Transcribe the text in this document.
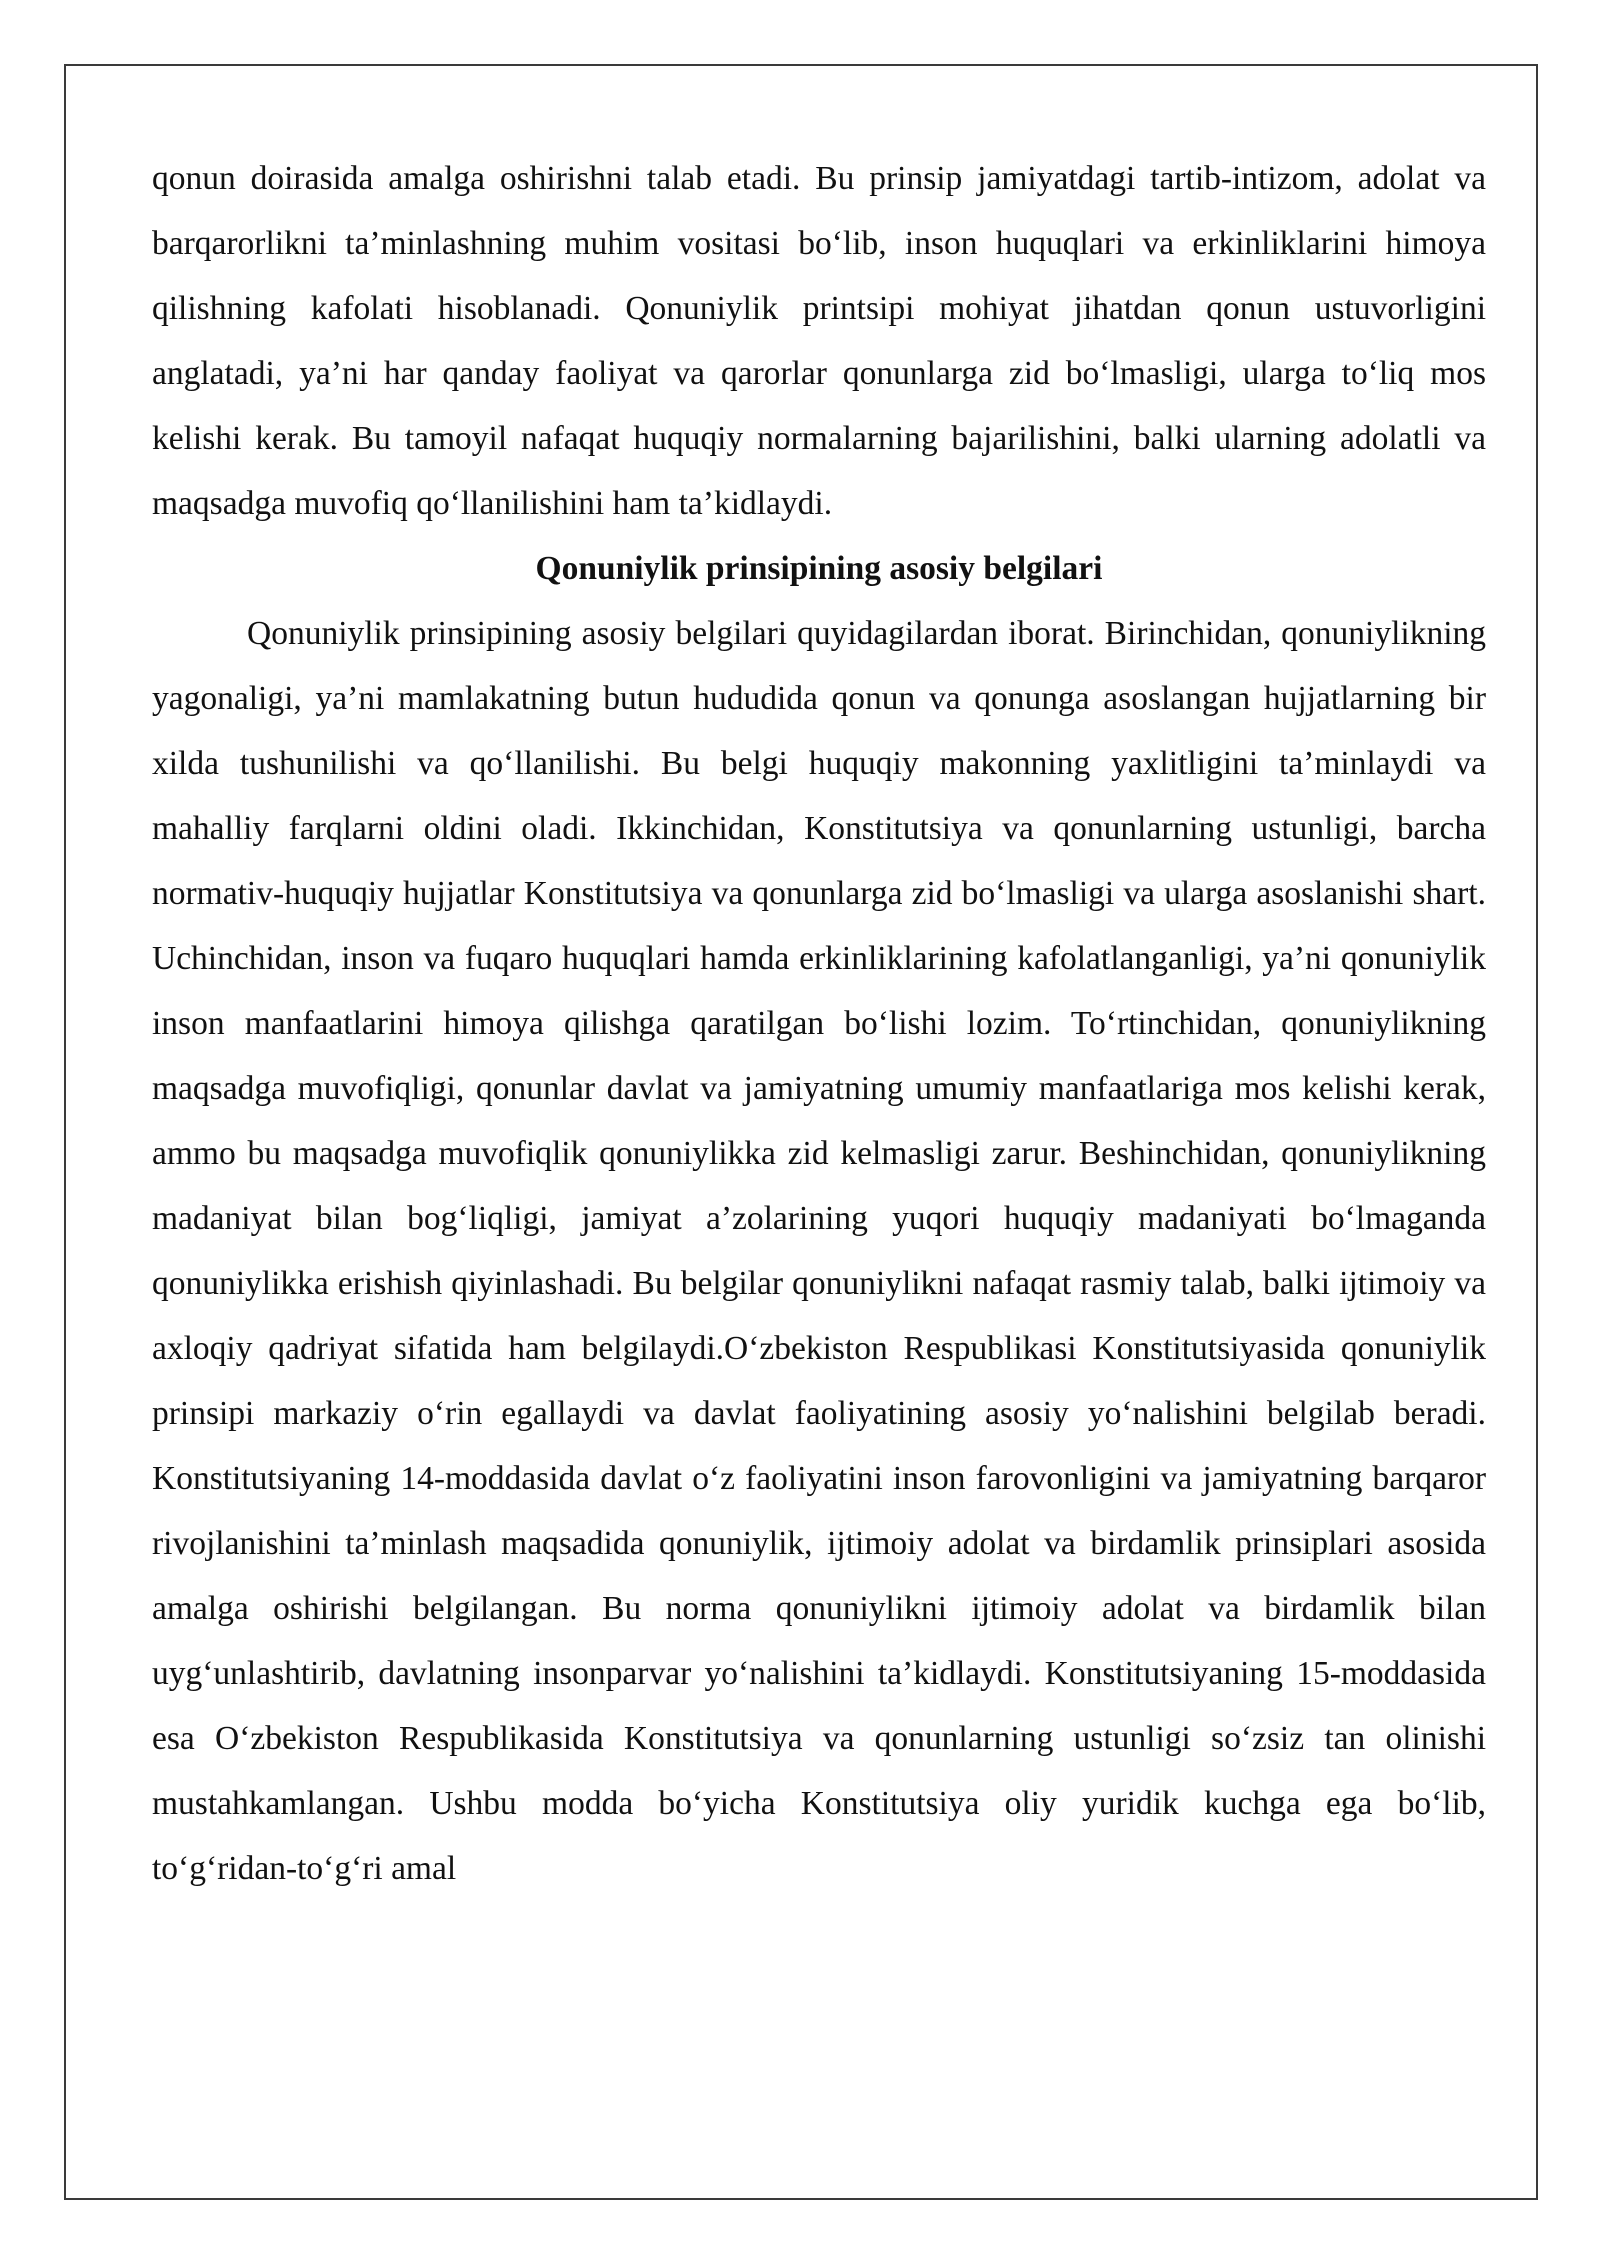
qonun doirasida amalga oshirishni talab etadi. Bu prinsip jamiyatdagi tartib-intizom, adolat va barqarorlikni ta’minlashning muhim vositasi bo‘lib, inson huquqlari va erkinliklarini himoya qilishning kafolati hisoblanadi. Qonuniylik printsipi mohiyat jihatdan qonun ustuvorligini anglatadi, ya’ni har qanday faoliyat va qarorlar qonunlarga zid bo‘lmasligi, ularga to‘liq mos kelishi kerak. Bu tamoyil nafaqat huquqiy normalarning bajarilishini, balki ularning adolatli va maqsadga muvofiq qo‘llanilishini ham ta’kidlaydi.

Qonuniylik prinsipining asosiy belgilari

Qonuniylik prinsipining asosiy belgilari quyidagilardan iborat. Birinchidan, qonuniylikning yagonaligi, ya’ni mamlakatning butun hududida qonun va qonunga asoslangan hujjatlarning bir xilda tushunilishi va qo‘llanilishi. Bu belgi huquqiy makonning yaxlitligini ta’minlaydi va mahalliy farqlarni oldini oladi. Ikkinchidan, Konstitutsiya va qonunlarning ustunligi, barcha normativ-huquqiy hujjatlar Konstitutsiya va qonunlarga zid bo‘lmasligi va ularga asoslanishi shart. Uchinchidan, inson va fuqaro huquqlari hamda erkinliklarining kafolatlanganligi, ya’ni qonuniylik inson manfaatlarini himoya qilishga qaratilgan bo‘lishi lozim. To‘rtinchidan, qonuniylikning maqsadga muvofiqligi, qonunlar davlat va jamiyatning umumiy manfaatlariga mos kelishi kerak, ammo bu maqsadga muvofiqlik qonuniylikka zid kelmasligi zarur. Beshinchidan, qonuniylikning madaniyat bilan bog‘liqligi, jamiyat a’zolarining yuqori huquqiy madaniyati bo‘lmaganda qonuniylikka erishish qiyinlashadi. Bu belgilar qonuniylikni nafaqat rasmiy talab, balki ijtimoiy va axloqiy qadriyat sifatida ham belgilaydi.O‘zbekiston Respublikasi Konstitutsiyasida qonuniylik prinsipi markaziy o‘rin egallaydi va davlat faoliyatining asosiy yo‘nalishini belgilab beradi. Konstitutsiyaning 14-moddasida davlat o‘z faoliyatini inson farovonligini va jamiyatning barqaror rivojlanishini ta’minlash maqsadida qonuniylik, ijtimoiy adolat va birdamlik prinsiplari asosida amalga oshirishi belgilangan. Bu norma qonuniylikni ijtimoiy adolat va birdamlik bilan uyg‘unlashtirib, davlatning insonparvar yo‘nalishini ta’kidlaydi. Konstitutsiyaning 15-moddasida esa O‘zbekiston Respublikasida Konstitutsiya va qonunlarning ustunligi so‘zsiz tan olinishi mustahkamlangan. Ushbu modda bo‘yicha Konstitutsiya oliy yuridik kuchga ega bo‘lib, to‘g‘ridan-to‘g‘ri amal
